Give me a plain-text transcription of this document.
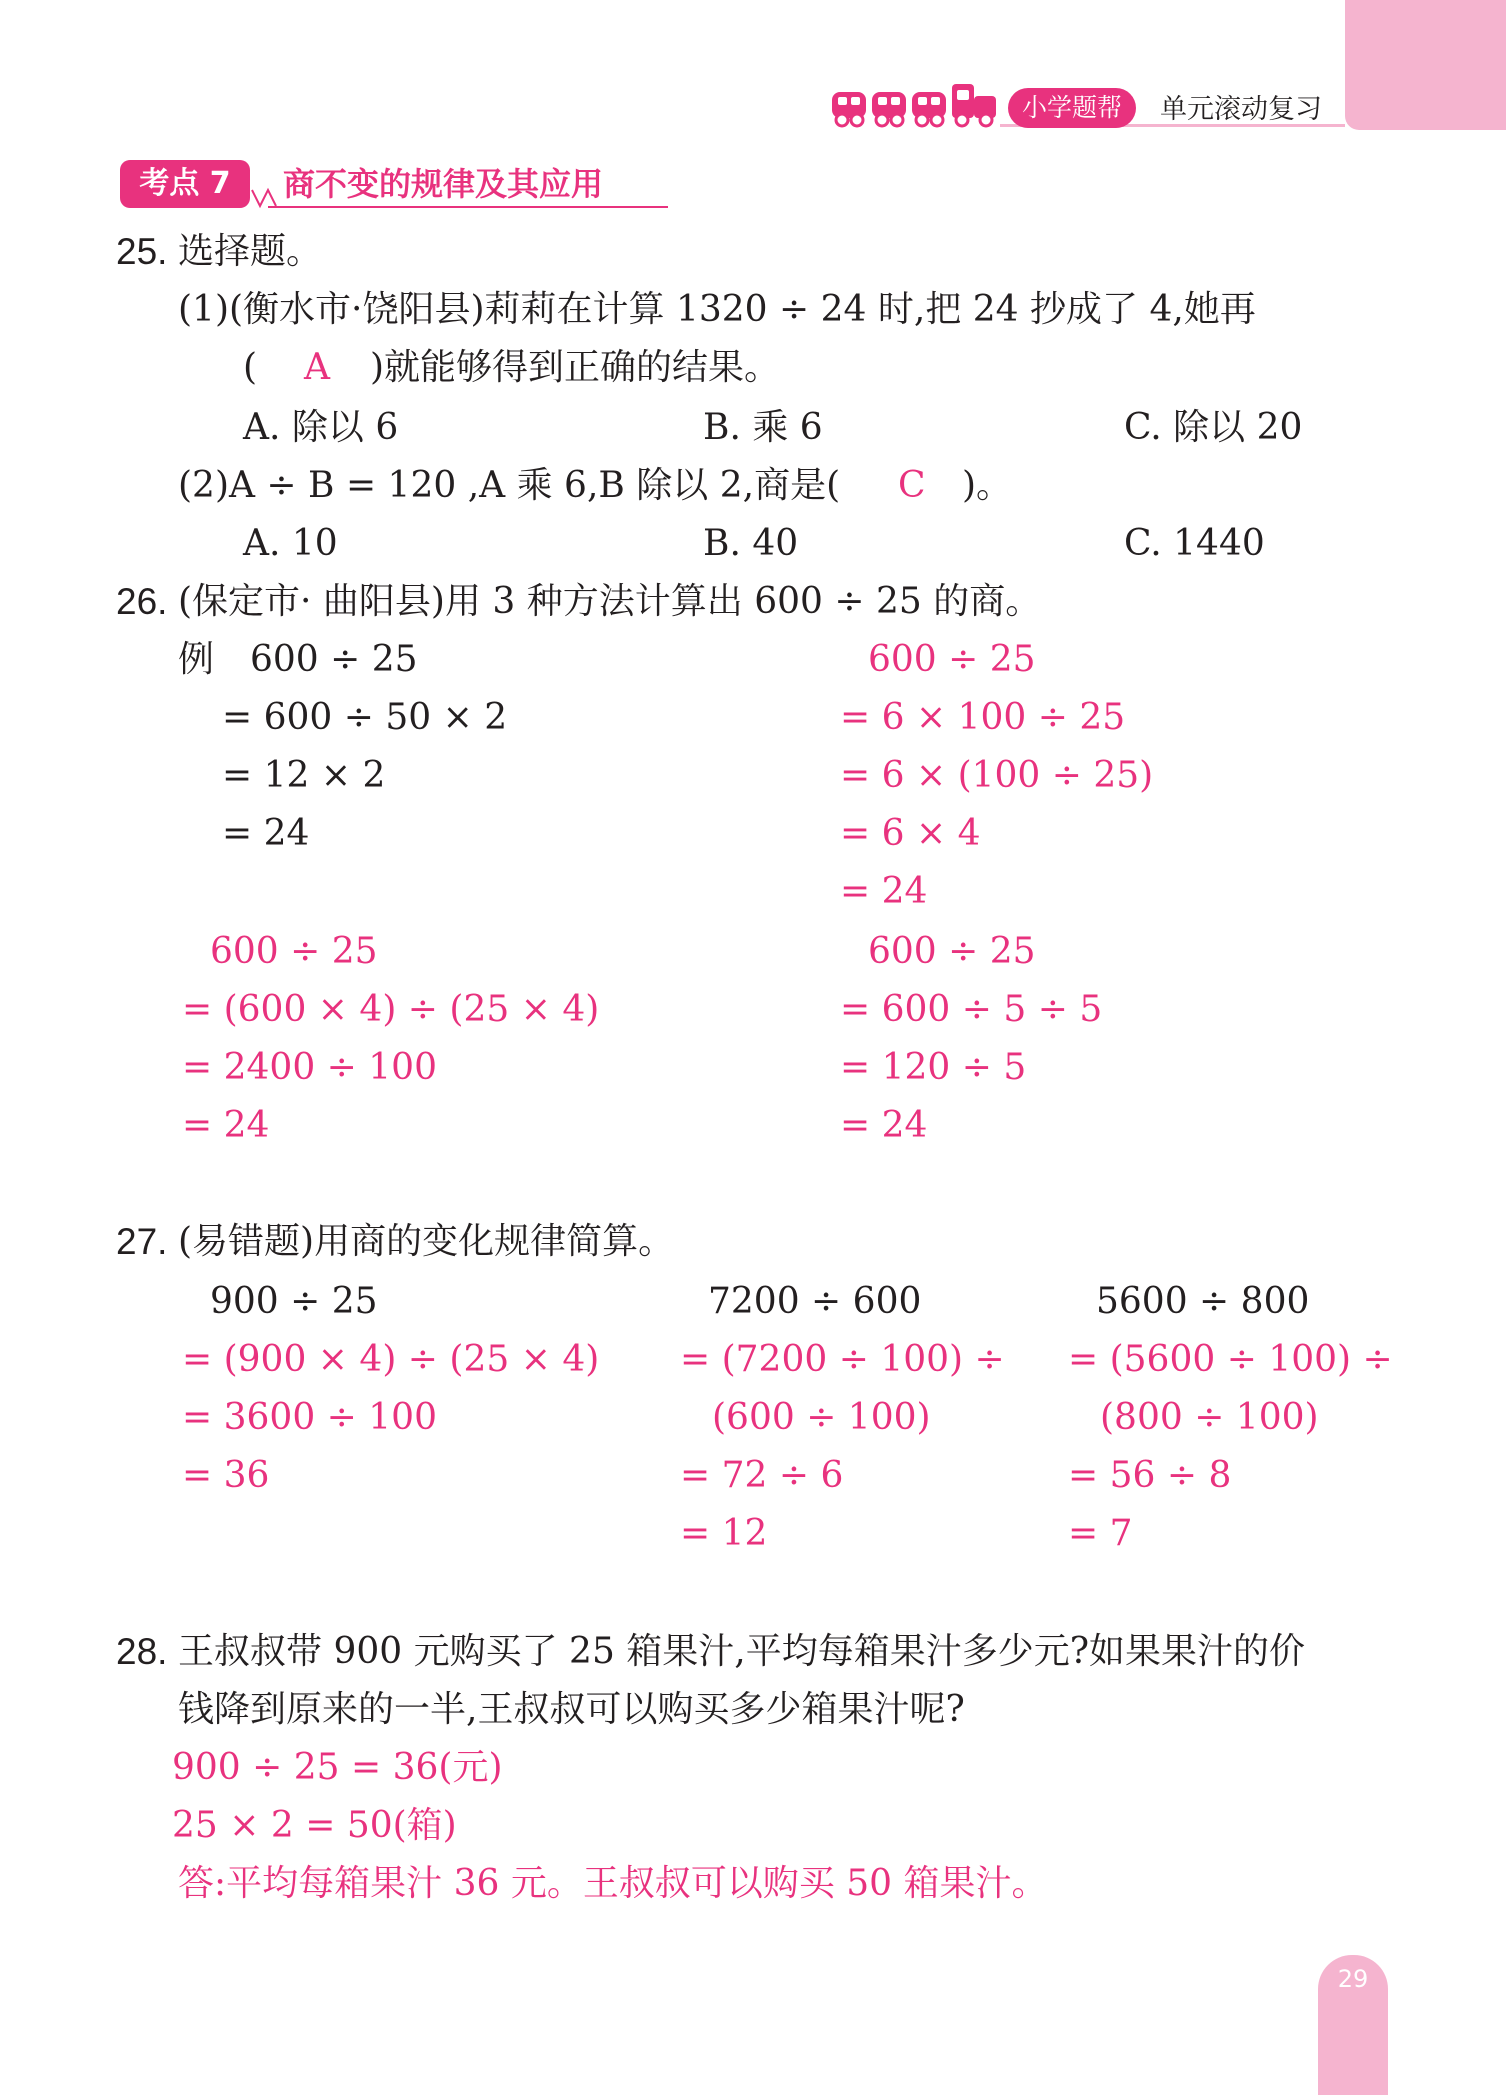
小学题帮	单元滚动复习
考点 7	商不变的规律及其应用
25. 选择题。
(1)(衡水市·饶阳县)莉莉在计算 1320 ÷ 24 时,把 24 抄成了 4,她再
( A )就能够得到正确的结果。
A. 除以 6	B. 乘 6	C. 除以 20
(2)A ÷ B = 120 ,A 乘 6,B 除以 2,商是( C )。
A. 10	B. 40	C. 1440
26. (保定市· 曲阳县)用 3 种方法计算出 600 ÷ 25 的商。
例 600 ÷ 25
= 600 ÷ 50 × 2
= 12 × 2
= 24
600 ÷ 25
= 6 × 100 ÷ 25
= 6 × (100 ÷ 25)
= 6 × 4
= 24
600 ÷ 25
= (600 × 4) ÷ (25 × 4)
= 2400 ÷ 100
= 24
600 ÷ 25
= 600 ÷ 5 ÷ 5
= 120 ÷ 5
= 24
27. (易错题)用商的变化规律简算。
900 ÷ 25
= (900 × 4) ÷ (25 × 4)
= 3600 ÷ 100
= 36
7200 ÷ 600
= (7200 ÷ 100) ÷
(600 ÷ 100)
= 72 ÷ 6
= 12
5600 ÷ 800
= (5600 ÷ 100) ÷
(800 ÷ 100)
= 56 ÷ 8
= 7
28. 王叔叔带 900 元购买了 25 箱果汁,平均每箱果汁多少元?如果果汁的价
钱降到原来的一半,王叔叔可以购买多少箱果汁呢?
900 ÷ 25 = 36(元)
25 × 2 = 50(箱)
答:平均每箱果汁 36 元。王叔叔可以购买 50 箱果汁。
29
